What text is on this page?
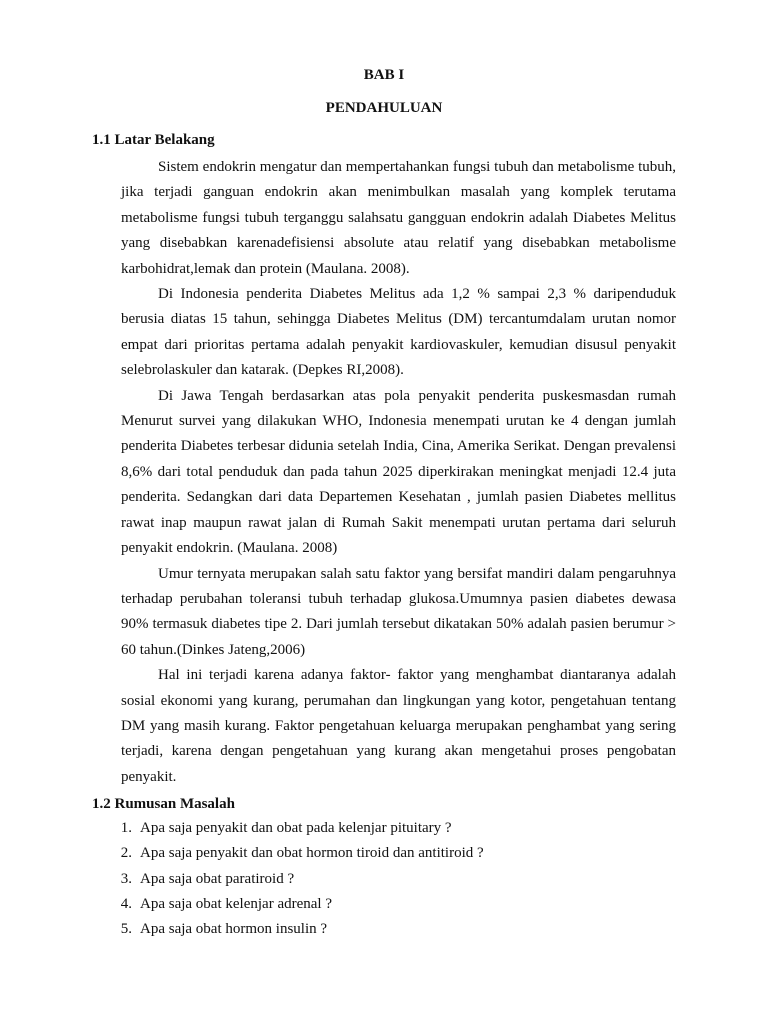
BAB I
PENDAHULUAN
1.1 Latar Belakang

Sistem endokrin mengatur dan mempertahankan fungsi tubuh dan metabolisme tubuh, jika terjadi ganguan endokrin akan menimbulkan masalah yang komplek terutama metabolisme fungsi tubuh terganggu salahsatu gangguan endokrin adalah Diabetes Melitus yang disebabkan karenadefisiensi absolute atau relatif yang disebabkan metabolisme karbohidrat,lemak dan protein (Maulana. 2008).

Di Indonesia penderita Diabetes Melitus ada 1,2 % sampai 2,3 % daripenduduk berusia diatas 15 tahun, sehingga Diabetes Melitus (DM) tercantumdalam urutan nomor empat dari prioritas pertama adalah penyakit kardiovaskuler, kemudian disusul penyakit selebrolaskuler dan katarak. (Depkes RI,2008).

Di Jawa Tengah berdasarkan atas pola penyakit penderita puskesmasdan rumah Menurut survei yang dilakukan WHO, Indonesia menempati urutan ke 4 dengan jumlah penderita Diabetes terbesar didunia setelah India, Cina, Amerika Serikat. Dengan prevalensi 8,6% dari total penduduk dan pada tahun 2025 diperkirakan meningkat menjadi 12.4 juta penderita. Sedangkan dari data Departemen Kesehatan , jumlah pasien Diabetes mellitus rawat inap maupun rawat jalan di Rumah Sakit menempati urutan pertama dari seluruh penyakit endokrin. (Maulana. 2008)

Umur ternyata merupakan salah satu faktor yang bersifat mandiri dalam pengaruhnya terhadap perubahan toleransi tubuh terhadap glukosa.Umumnya pasien diabetes dewasa 90% termasuk diabetes tipe 2. Dari jumlah tersebut dikatakan 50% adalah pasien berumur > 60 tahun.(Dinkes Jateng,2006)

Hal ini terjadi karena adanya faktor- faktor yang menghambat diantaranya adalah sosial ekonomi yang kurang, perumahan dan lingkungan yang kotor, pengetahuan tentang DM yang masih kurang. Faktor pengetahuan keluarga merupakan penghambat yang sering terjadi, karena dengan pengetahuan yang kurang akan mengetahui proses pengobatan penyakit.

1.2 Rumusan Masalah
1. Apa saja penyakit dan obat pada kelenjar pituitary ?
2. Apa saja penyakit dan obat hormon tiroid dan antitiroid ?
3. Apa saja obat paratiroid ?
4. Apa saja obat kelenjar adrenal ?
5. Apa saja obat hormon insulin ?
